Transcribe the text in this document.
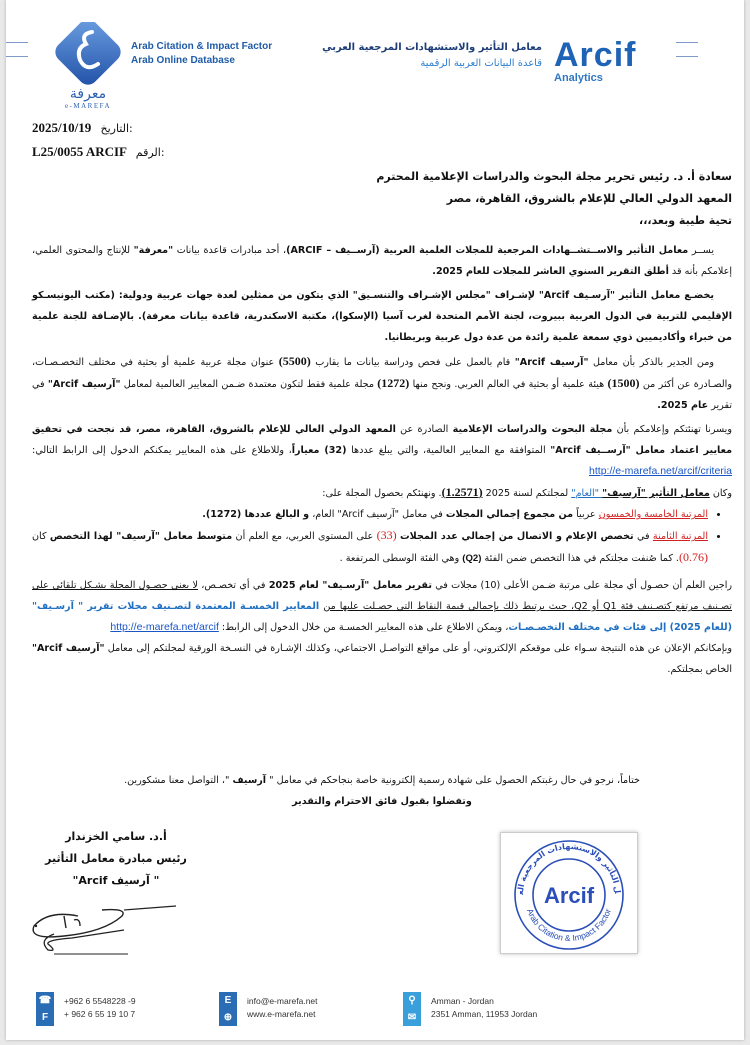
معرفة
e-MAREFA
Arab Citation & Impact Factor
Arab Online Database
معامل التأثير والاستشهادات المرجعية العربي
قاعدة البيانات العربية الرقمية Arcif
Analytics
2025/10/19 التاريخ:
L25/0055 ARCIF الرقم:
سعادة أ. د. رئيس تحرير مجلة البحوث والدراسات الإعلامية المحترم
المعهد الدولي العالي للإعلام بالشروق، القاهرة، مصر
تحية طيبة وبعد،،،
يســر معامل التأثير والاســتشــهادات المرجعية للمجلات العلمية العربية (آرســيف – ARCIF)، أحد مبادرات قاعدة بيانات "معرفة" للإنتاج والمحتوى العلمي، إعلامكم بأنه قد أطلق التقرير السنوي العاشر للمجلات للعام 2025.
يخضـع معامل التأثير "آرسـيف Arcif" لإشـراف "مجلس الإشـراف والتنسـيق" الذي يتكون من ممثلين لعدة جهات عربية ودولية: (مكتب اليونيسـكو الإقليمي للتربية في الدول العربية ببيروت، لجنة الأمم المتحدة لغرب آسيا (الإسكوا)، مكتبة الاسكندرية، قاعدة بيانات معرفة). بالإضـافة للجنة علمية من خبراء وأكاديميين ذوي سمعة علمية رائدة من عدة دول عربية وبريطانيا.
ومن الجدير بالذكر بأن معامل "آرسيف Arcif" قام بالعمل على فحص ودراسة بيانات ما يقارب (5500) عنوان مجلة عربية علمية أو بحثية في مختلف التخصـصـات، والصـادرة عن أكثر من (1500) هيئة علمية أو بحثية في العالم العربي. ونجح منها (1272) مجلة علمية فقط لتكون معتمدة ضـمن المعايير العالمية لمعامل "آرسيف Arcif" في تقرير عام 2025.
ويسرنا تهنئتكم وإعلامكم بأن مجلة البحوث والدراسات الإعلامية الصادرة عن المعهد الدولي العالي للإعلام بالشروق، القاهرة، مصر، قد نجحت في تحقيق معايير اعتماد معامل "آرســيف Arcif" المتوافقة مع المعايير العالمية، والتي يبلغ عددها (32) معياراً، وللاطلاع على هذه المعايير يمكنكم الدخول إلى الرابط التالي: http://e-marefa.net/arcif/criteria
وكان معامل التأثير "آرسيف" "العام" لمجلتكم لسنة 2025 (1.2571). ونهنئكم بحصول المجلة على:
• المرتبة الخامسة والخمسون عربياً من مجموع إجمالي المجلات في معامل "آرسيف Arcif" العام، و البالغ عددها (1272).
• المرتبة الثامنة في تخصص الإعلام و الاتصال من إجمالي عدد المجلات (33) على المستوى العربي، مع العلم أن متوسط معامل "آرسيف" لهذا التخصص كان (0.76). كما صُنفت مجلتكم في هذا التخصص ضمن الفئة (Q2) وهي الفئة الوسطى المرتفعة .
راجين العلم أن حصـول أي مجلة على مرتبة ضـمن الأعلى (10) مجلات في تقرير معامل "آرسـيف" لعام 2025 في أي تخصـص، لا يعني حصـول المجلة بشـكل تلقائي على تصـنيف مرتفع كتصـنيف فئة Q1 أو Q2، حيث يرتبط ذلك بإجمالي قيمة النقاط التي حصـلت عليها من المعايير الخمسـة المعتمدة لتصـنيف مجلات تقرير " آرسـيف" (للعام 2025) إلى فئات في مختلف التخصـصـات، ويمكن الاطلاع على هذه المعايير الخمسـة من خلال الدخول إلى الرابط: http://e-marefa.net/arcif
وبإمكانكم الإعلان عن هذه النتيجة سـواء على موقعكم الإلكتروني، أو على مواقع التواصـل الاجتماعي، وكذلك الإشـارة في النسـخة الورقية لمجلتكم إلى معامل "آرسيف Arcif" الخاص بمجلتكم.
ختاماً، نرجو في حال رغبتكم الحصول على شهادة رسمية إلكترونية خاصة بنجاحكم في معامل " آرسيف "، التواصل معنا مشكورين.
وتفضلوا بقبول فائق الاحترام والتقدير
أ.د. سامي الخزندار
رئيس مبادرة معامل التأثير
" آرسيف Arcif"
ل التأثير والاستشهادات المرجعية الع
Arab Citation & Impact Factor
Arcif
☎
F
+962 6 5548228 -9
+ 962 6 55 19 10 7
E
⊕
info@e-marefa.net
www.e-marefa.net
⚲
✉
Amman - Jordan
2351 Amman, 11953 Jordan
